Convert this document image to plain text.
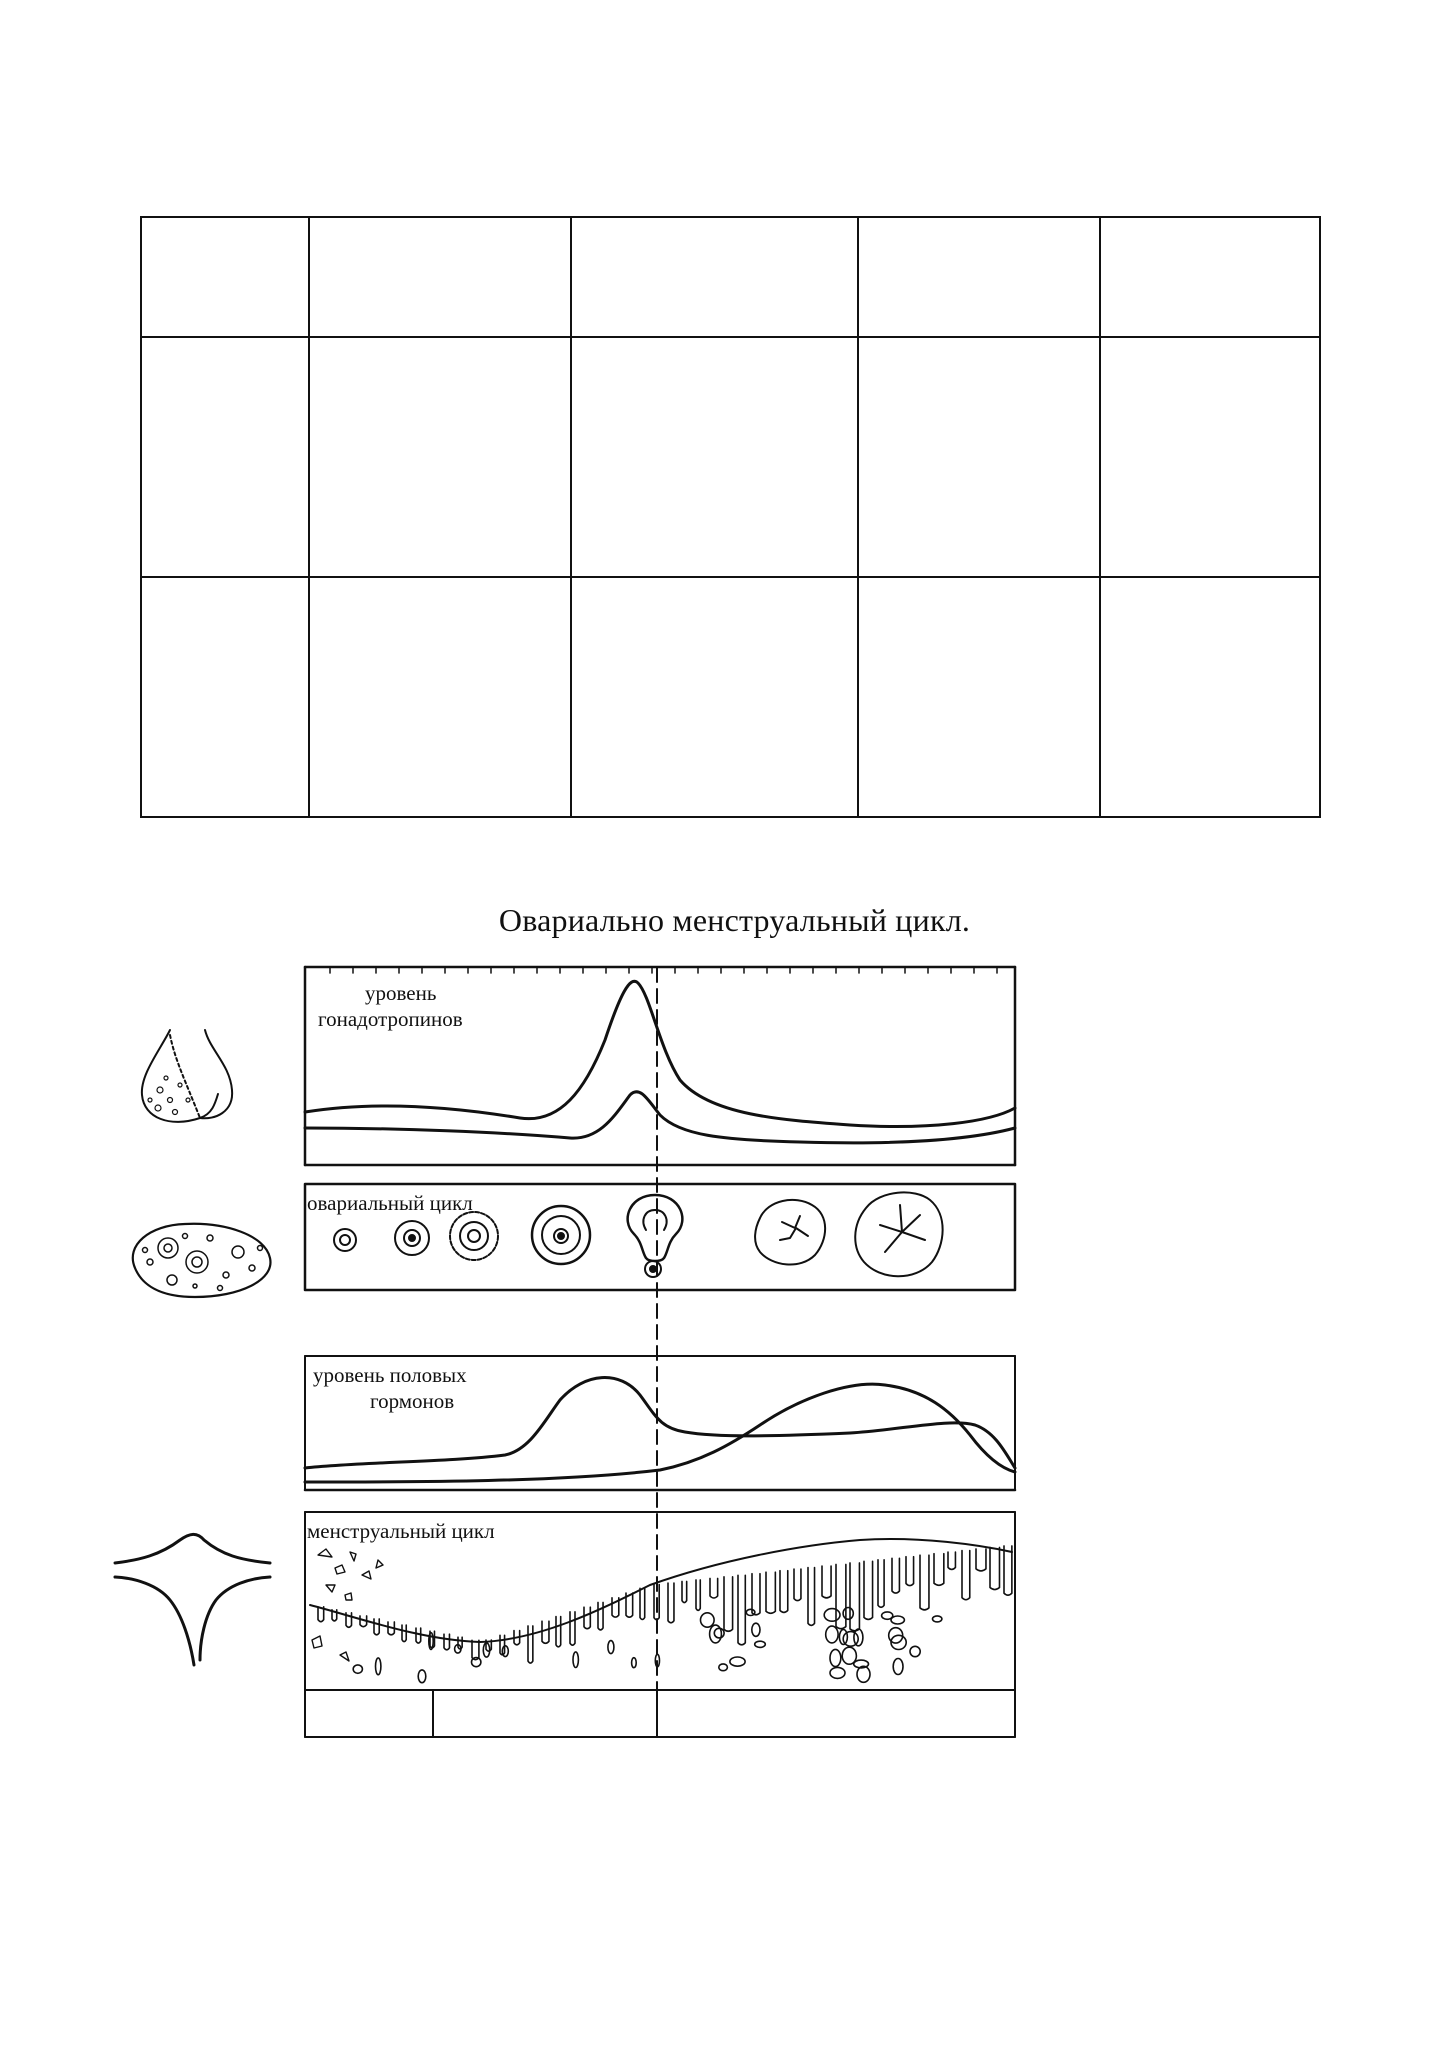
Овариально менструальный цикл.
уровень
гонадотропинов
овариальный цикл
уровень половых
гормонов
менструальный цикл
